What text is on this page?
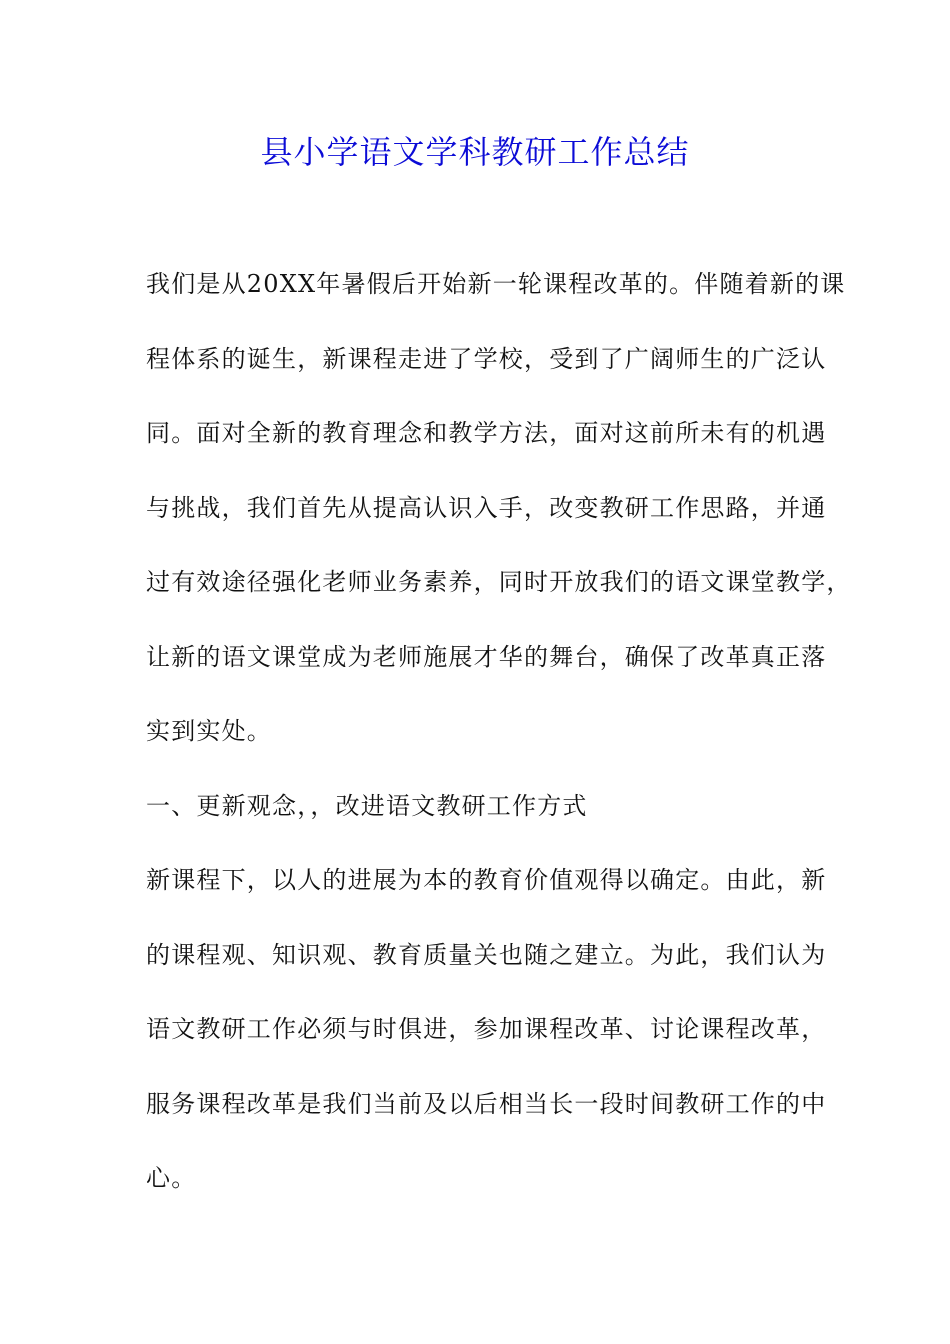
县小学语文学科教研工作总结
我们是从20XX年暑假后开始新一轮课程改革的。伴随着新的课
程体系的诞生，新课程走进了学校，受到了广阔师生的广泛认
同。面对全新的教育理念和教学方法，面对这前所未有的机遇
与挑战，我们首先从提高认识入手，改变教研工作思路，并通
过有效途径强化老师业务素养，同时开放我们的语文课堂教学，
让新的语文课堂成为老师施展才华的舞台，确保了改革真正落
实到实处。
一、更新观念，，改进语文教研工作方式
新课程下，以人的进展为本的教育价值观得以确定。由此，新
的课程观、知识观、教育质量关也随之建立。为此，我们认为
语文教研工作必须与时俱进，参加课程改革、讨论课程改革，
服务课程改革是我们当前及以后相当长一段时间教研工作的中
心。
